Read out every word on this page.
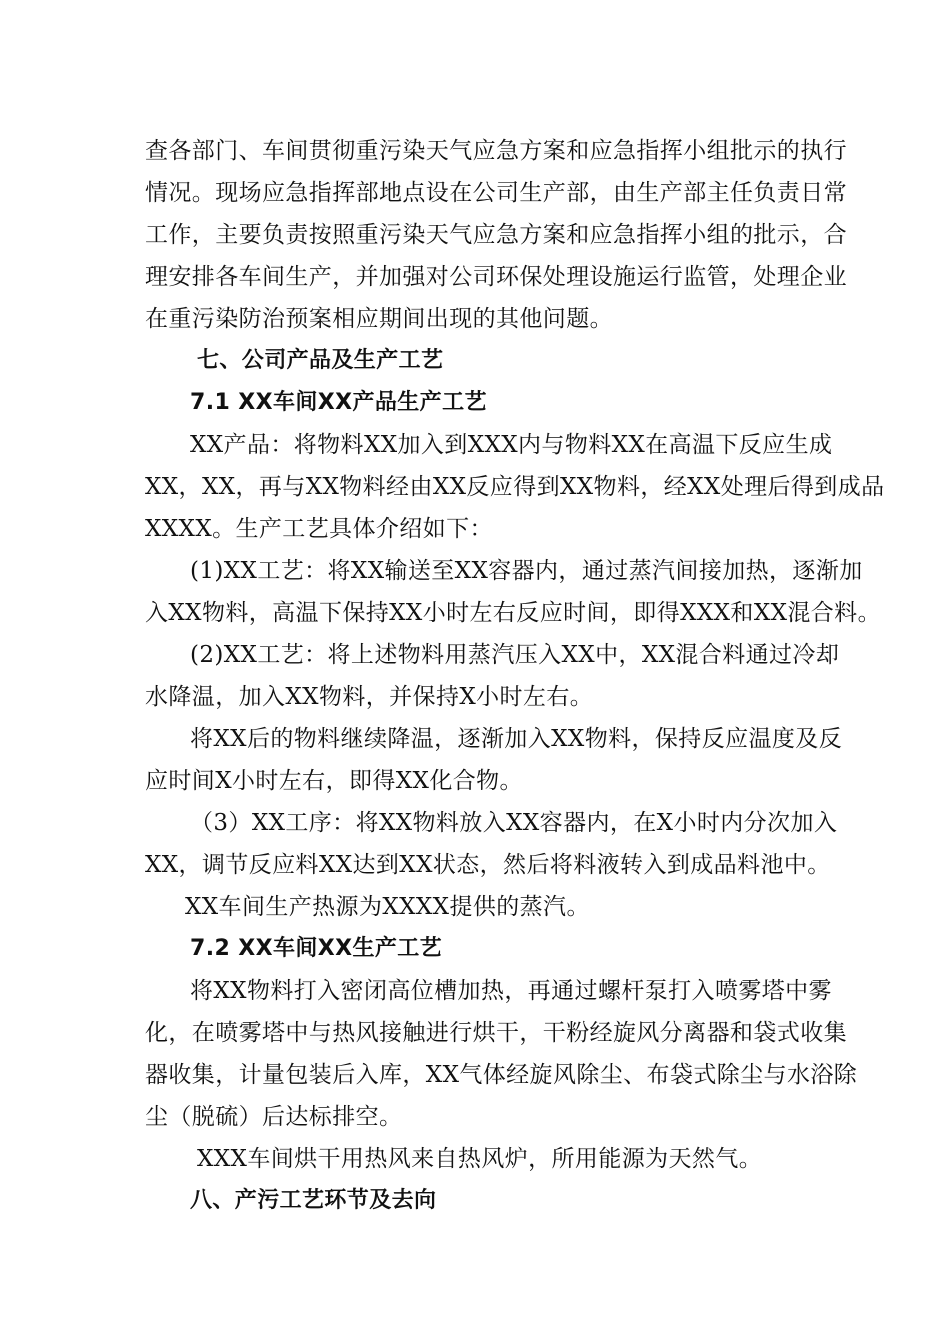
查各部门、车间贯彻重污染天气应急方案和应急指挥小组批示的执行
情况。现场应急指挥部地点设在公司生产部，由生产部主任负责日常
工作，主要负责按照重污染天气应急方案和应急指挥小组的批示，合
理安排各车间生产，并加强对公司环保处理设施运行监管，处理企业
在重污染防治预案相应期间出现的其他问题。
七、公司产品及生产工艺
7.1 XX车间XX产品生产工艺
XX产品：将物料XX加入到XXX内与物料XX在高温下反应生成
XX，XX，再与XX物料经由XX反应得到XX物料，经XX处理后得到成品
XXXX。生产工艺具体介绍如下：
(1)XX工艺：将XX输送至XX容器内，通过蒸汽间接加热，逐渐加
入XX物料，高温下保持XX小时左右反应时间，即得XXX和XX混合料。
(2)XX工艺：将上述物料用蒸汽压入XX中，XX混合料通过冷却
水降温，加入XX物料，并保持X小时左右。
将XX后的物料继续降温，逐渐加入XX物料，保持反应温度及反
应时间X小时左右，即得XX化合物。
（3）XX工序：将XX物料放入XX容器内，在X小时内分次加入
XX，调节反应料XX达到XX状态，然后将料液转入到成品料池中。
XX车间生产热源为XXXX提供的蒸汽。
7.2 XX车间XX生产工艺
将XX物料打入密闭高位槽加热，再通过螺杆泵打入喷雾塔中雾
化，在喷雾塔中与热风接触进行烘干，干粉经旋风分离器和袋式收集
器收集，计量包装后入库，XX气体经旋风除尘、布袋式除尘与水浴除
尘（脱硫）后达标排空。
XXX车间烘干用热风来自热风炉，所用能源为天然气。
八、产污工艺环节及去向
